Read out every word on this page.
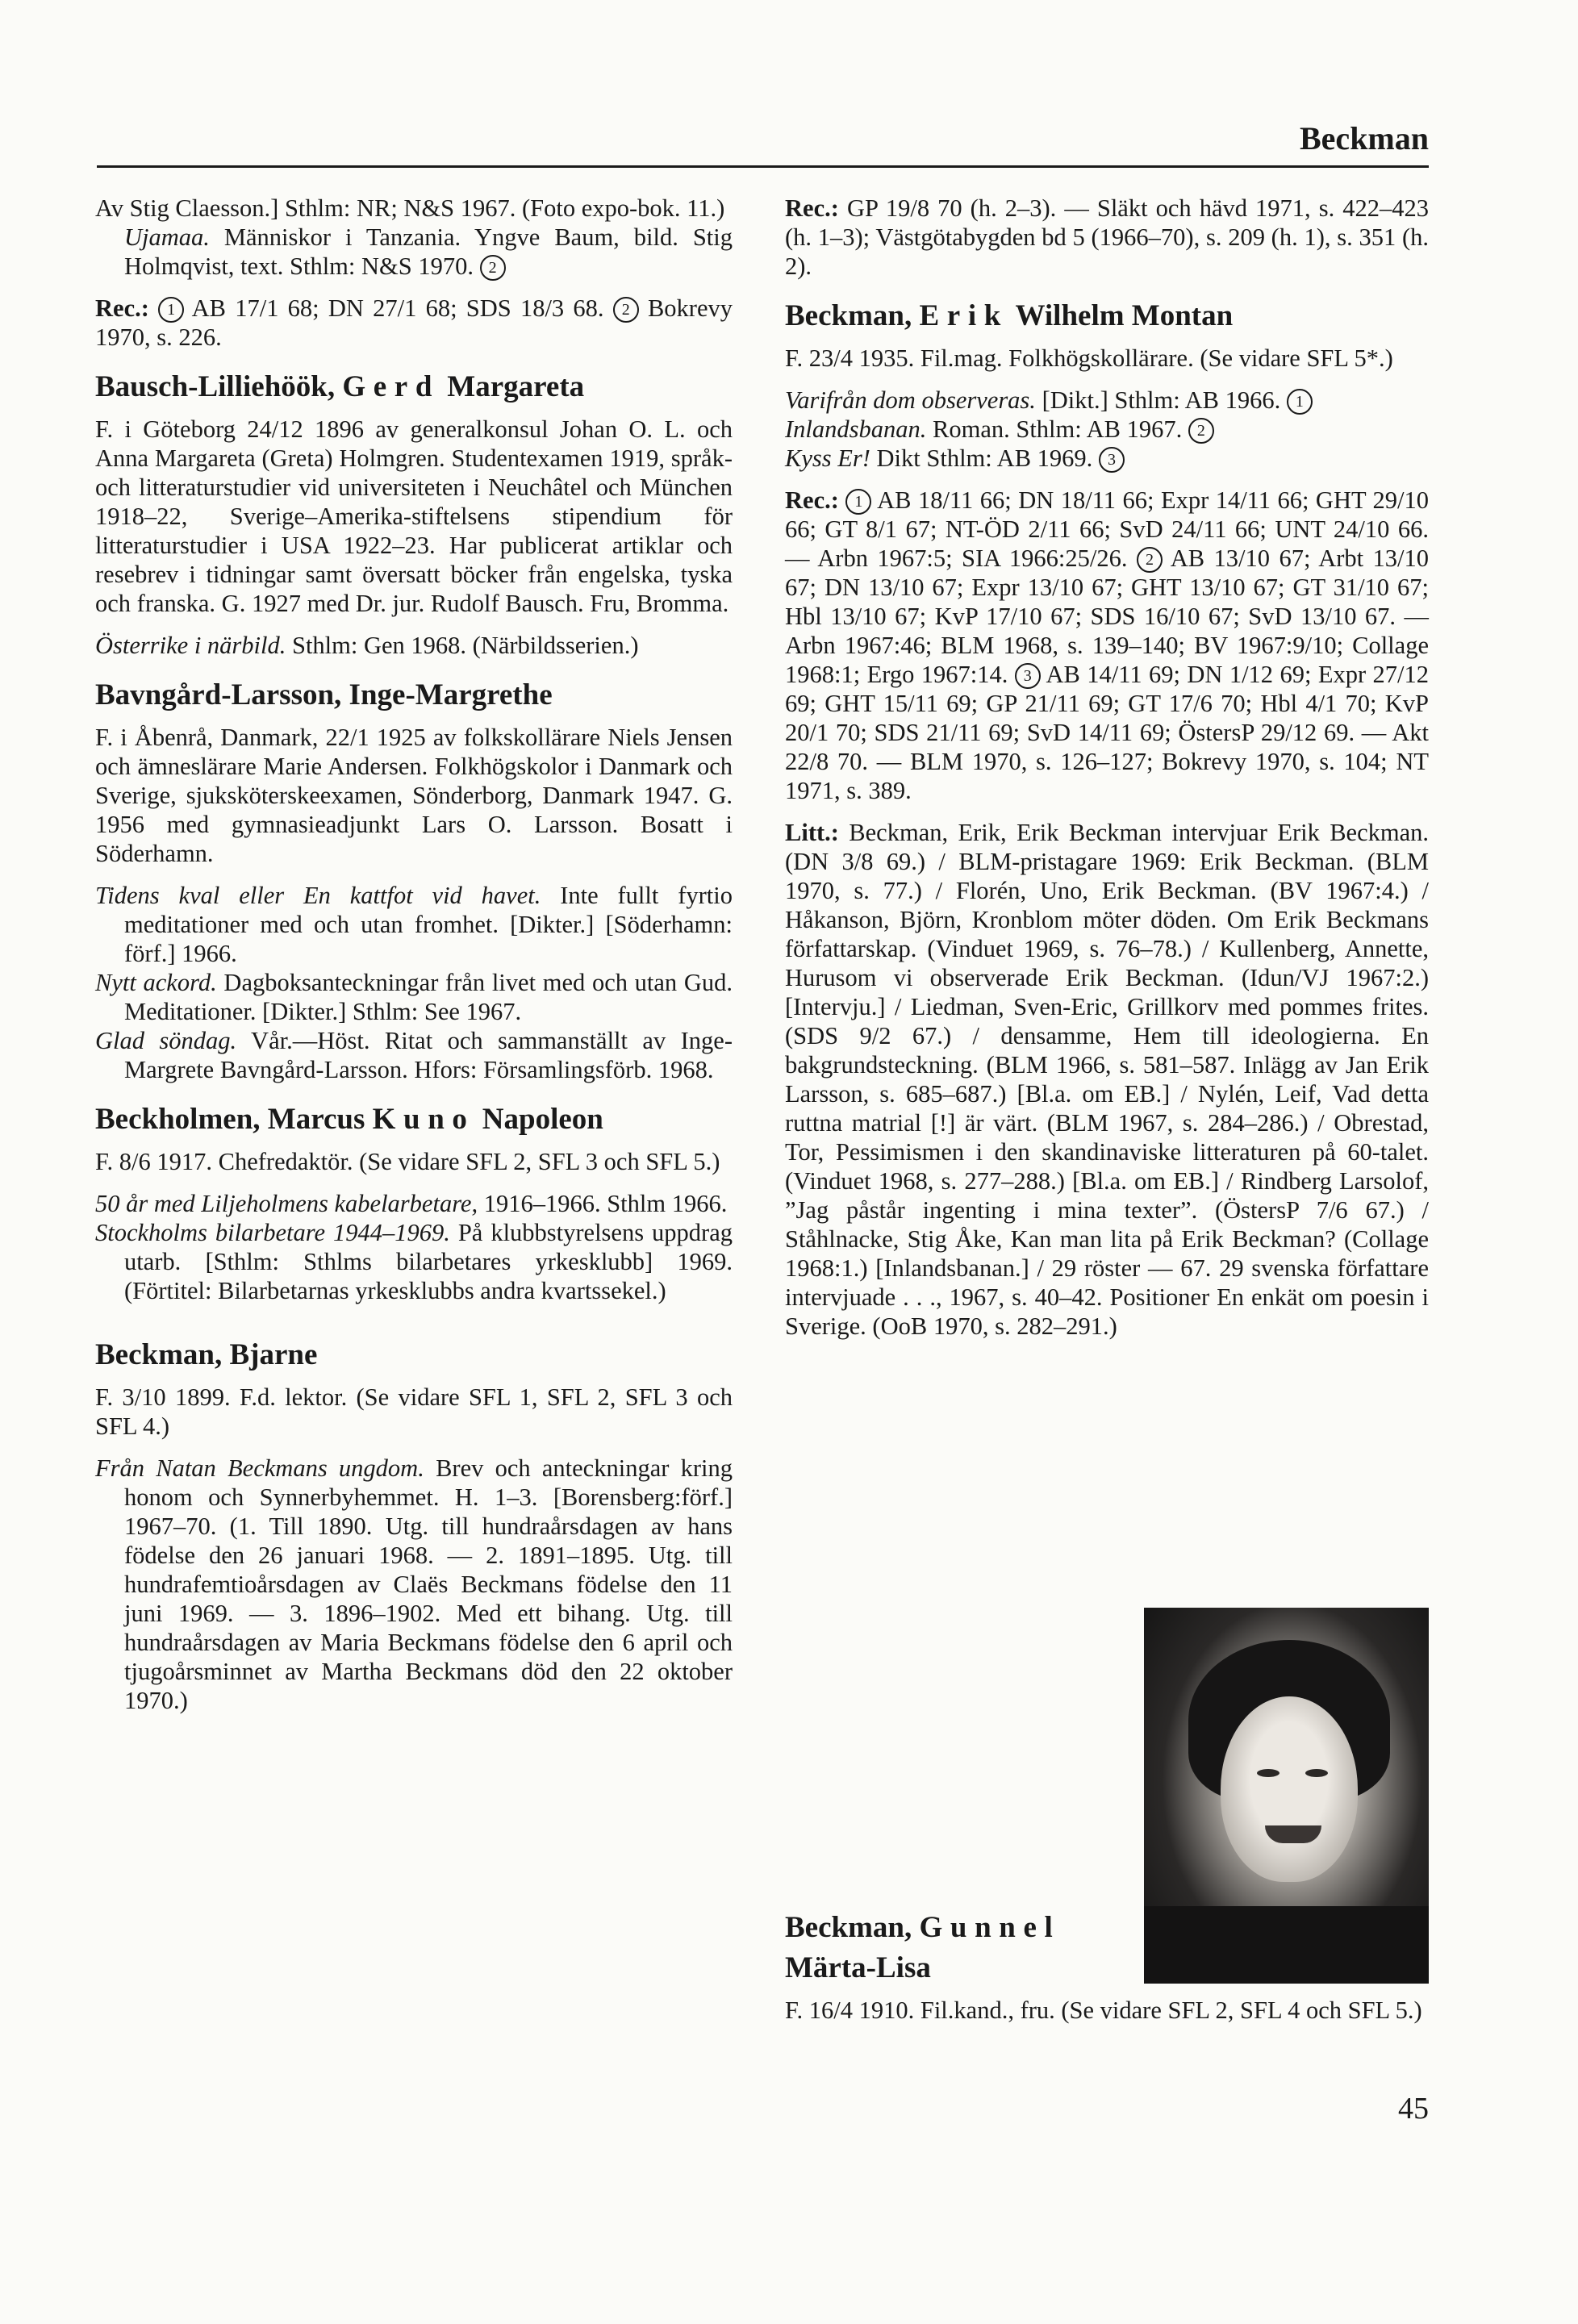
Beckman

Av Stig Claesson.] Sthlm: NR; N&S 1967. (Foto expo-bok. 11.)
Ujamaa. Människor i Tanzania. Yngve Baum, bild. Stig Holmqvist, text. Sthlm: N&S 1970. 2

Rec.: 1 AB 17/1 68; DN 27/1 68; SDS 18/3 68. 2 Bokrevy 1970, s. 226.

Bausch-Lilliehöök, Gerd Margareta

F. i Göteborg 24/12 1896 av generalkonsul Johan O. L. och Anna Margareta (Greta) Holmgren. Studentexamen 1919, språk- och litteraturstudier vid universiteten i Neuchâtel och München 1918–22, Sverige–Amerika-stiftelsens stipendium för litteraturstudier i USA 1922–23. Har publicerat artiklar och resebrev i tidningar samt översatt böcker från engelska, tyska och franska. G. 1927 med Dr. jur. Rudolf Bausch. Fru, Bromma.

Österrike i närbild. Sthlm: Gen 1968. (Närbildsserien.)

Bavngård-Larsson, Inge-Margrethe

F. i Åbenrå, Danmark, 22/1 1925 av folkskollärare Niels Jensen och ämneslärare Marie Andersen. Folkhögskolor i Danmark och Sverige, sjuksköterskeexamen, Sönderborg, Danmark 1947. G. 1956 med gymnasieadjunkt Lars O. Larsson. Bosatt i Söderhamn.

Tidens kval eller En kattfot vid havet. Inte fullt fyrtio meditationer med och utan fromhet. [Dikter.] [Söderhamn: förf.] 1966.

Nytt ackord. Dagboksanteckningar från livet med och utan Gud. Meditationer. [Dikter.] Sthlm: See 1967.

Glad söndag. Vår.—Höst. Ritat och sammanställt av Inge-Margrete Bavngård-Larsson. Hfors: Församlingsförb. 1968.

Beckholmen, Marcus Kuno Napoleon

F. 8/6 1917. Chefredaktör. (Se vidare SFL 2, SFL 3 och SFL 5.)

50 år med Liljeholmens kabelarbetare, 1916–1966. Sthlm 1966.

Stockholms bilarbetare 1944–1969. På klubbstyrelsens uppdrag utarb. [Sthlm: Sthlms bilarbetares yrkesklubb] 1969. (Förtitel: Bilarbetarnas yrkesklubbs andra kvartssekel.)

Beckman, Bjarne

F. 3/10 1899. F.d. lektor. (Se vidare SFL 1, SFL 2, SFL 3 och SFL 4.)

Från Natan Beckmans ungdom. Brev och anteckningar kring honom och Synnerbyhemmet. H. 1–3. [Borensberg:förf.] 1967–70. (1. Till 1890. Utg. till hundraårsdagen av hans födelse den 26 januari 1968. — 2. 1891–1895. Utg. till hundrafemtioårsdagen av Claës Beckmans födelse den 11 juni 1969. — 3. 1896–1902. Med ett bihang. Utg. till hundraårsdagen av Maria Beckmans födelse den 6 april och tjugoårsminnet av Martha Beckmans död den 22 oktober 1970.)

Rec.: GP 19/8 70 (h. 2–3). — Släkt och hävd 1971, s. 422–423 (h. 1–3); Västgötabygden bd 5 (1966–70), s. 209 (h. 1), s. 351 (h. 2).

Beckman, Erik Wilhelm Montan

F. 23/4 1935. Fil.mag. Folkhögskollärare. (Se vidare SFL 5*.)

Varifrån dom observeras. [Dikt.] Sthlm: AB 1966. 1

Inlandsbanan. Roman. Sthlm: AB 1967. 2

Kyss Er! Dikt Sthlm: AB 1969. 3

Rec.: 1 AB 18/11 66; DN 18/11 66; Expr 14/11 66; GHT 29/10 66; GT 8/1 67; NT-ÖD 2/11 66; SvD 24/11 66; UNT 24/10 66. — Arbn 1967:5; SIA 1966:25/26. 2 AB 13/10 67; Arbt 13/10 67; DN 13/10 67; Expr 13/10 67; GHT 13/10 67; GT 31/10 67; Hbl 13/10 67; KvP 17/10 67; SDS 16/10 67; SvD 13/10 67. — Arbn 1967:46; BLM 1968, s. 139–140; BV 1967:9/10; Collage 1968:1; Ergo 1967:14. 3 AB 14/11 69; DN 1/12 69; Expr 27/12 69; GHT 15/11 69; GP 21/11 69; GT 17/6 70; Hbl 4/1 70; KvP 20/1 70; SDS 21/11 69; SvD 14/11 69; ÖstersP 29/12 69. — Akt 22/8 70. — BLM 1970, s. 126–127; Bokrevy 1970, s. 104; NT 1971, s. 389.

Litt.: Beckman, Erik, Erik Beckman intervjuar Erik Beckman. (DN 3/8 69.) / BLM-pristagare 1969: Erik Beckman. (BLM 1970, s. 77.) / Florén, Uno, Erik Beckman. (BV 1967:4.) / Håkanson, Björn, Kronblom möter döden. Om Erik Beckmans författarskap. (Vinduet 1969, s. 76–78.) / Kullenberg, Annette, Hurusom vi observerade Erik Beckman. (Idun/VJ 1967:2.) [Intervju.] / Liedman, Sven-Eric, Grillkorv med pommes frites. (SDS 9/2 67.) / densamme, Hem till ideologierna. En bakgrundsteckning. (BLM 1966, s. 581–587. Inlägg av Jan Erik Larsson, s. 685–687.) [Bl.a. om EB.] / Nylén, Leif, Vad detta ruttna matrial [!] är värt. (BLM 1967, s. 284–286.) / Obrestad, Tor, Pessimismen i den skandinaviske litteraturen på 60-talet. (Vinduet 1968, s. 277–288.) [Bl.a. om EB.] / Rindberg Larsolof, ”Jag påstår ingenting i mina texter”. (ÖstersP 7/6 67.) / Ståhlnacke, Stig Åke, Kan man lita på Erik Beckman? (Collage 1968:1.) [Inlandsbanan.] / 29 röster — 67. 29 svenska författare intervjuade . . ., 1967, s. 40–42. Positioner En enkät om poesin i Sverige. (OoB 1970, s. 282–291.)

Beckman, Gunnel
Märta-Lisa
F. 16/4 1910. Fil.kand., fru. (Se vidare SFL 2, SFL 4 och SFL 5.)
45
